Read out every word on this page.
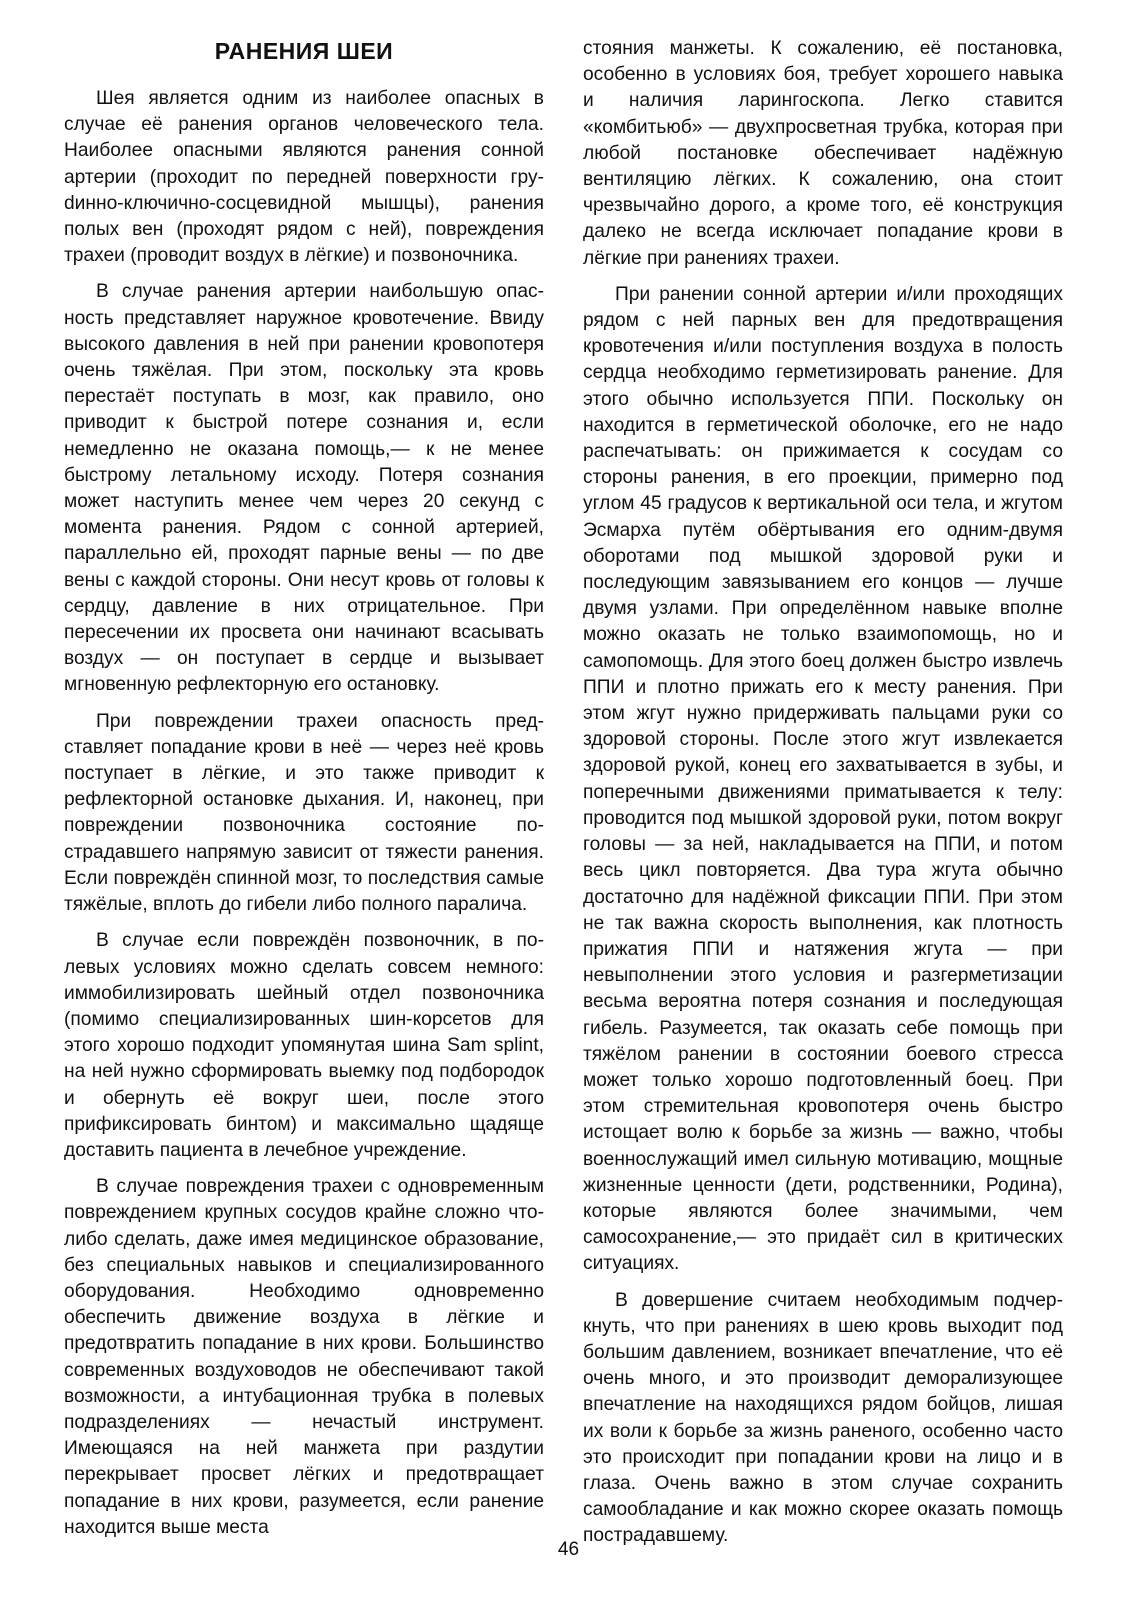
РАНЕНИЯ ШЕИ

Шея является одним из наиболее опасных в случае её ранения органов человеческого тела. Наиболее опасными являются ранения сонной артерии (проходит по передней поверхности груdинно-ключично-сосцевидной мышцы), ранения полых вен (проходят рядом с ней), повреждения трахеи (проводит воздух в лёгкие) и позвоночника.

В случае ранения артерии наибольшую опасность представляет наружное кровотечение. Ввиду высокого давления в ней при ранении кровопотеря очень тяжёлая. При этом, поскольку эта кровь перестаёт поступать в мозг, как правило, оно приводит к быстрой потере сознания и, если немедленно не оказана помощь,— к не менее быстрому летальному исходу. Потеря сознания может наступить менее чем через 20 секунд с момента ранения. Рядом с сонной артерией, параллельно ей, проходят парные вены — по две вены с каждой стороны. Они несут кровь от головы к сердцу, давление в них отрицательное. При пересечении их просвета они начинают всасывать воздух — он поступает в сердце и вызывает мгновенную рефлекторную его остановку.

При повреждении трахеи опасность представляет попадание крови в неё — через неё кровь поступает в лёгкие, и это также приводит к рефлекторной остановке дыхания. И, наконец, при повреждении позвоночника состояние пострадавшего напрямую зависит от тяжести ранения. Если повреждён спинной мозг, то последствия самые тяжёлые, вплоть до гибели либо полного паралича.

В случае если повреждён позвоночник, в полевых условиях можно сделать совсем немного: иммобилизировать шейный отдел позвоночника (помимо специализированных шин-корсетов для этого хорошо подходит упомянутая шина Sam splint, на ней нужно сформировать выемку под подбородок и обернуть её вокруг шеи, после этого прификсировать бинтом) и максимально щадяще доставить пациента в лечебное учреждение.

В случае повреждения трахеи с одновременным повреждением крупных сосудов крайне сложно что-либо сделать, даже имея медицинское образование, без специальных навыков и специализированного оборудования. Необходимо одновременно обеспечить движение воздуха в лёгкие и предотвратить попадание в них крови. Большинство современных воздуховодов не обеспечивают такой возможности, а интубационная трубка в полевых подразделениях — нечастый инструмент. Имеющаяся на ней манжета при раздутии перекрывает просвет лёгких и предотвращает попадание в них крови, разумеется, если ранение находится выше места

стояния манжеты. К сожалению, её постановка, особенно в условиях боя, требует хорошего навыка и наличия ларингоскопа. Легко ставится «комбитьюб» — двухпросветная трубка, которая при любой постановке обеспечивает надёжную вентиляцию лёгких. К сожалению, она стоит чрезвычайно дорого, а кроме того, её конструкция далеко не всегда исключает попадание крови в лёгкие при ранениях трахеи.

При ранении сонной артерии и/или проходящих рядом с ней парных вен для предотвращения кровотечения и/или поступления воздуха в полость сердца необходимо герметизировать ранение. Для этого обычно используется ППИ. Поскольку он находится в герметической оболочке, его не надо распечатывать: он прижимается к сосудам со стороны ранения, в его проекции, примерно под углом 45 градусов к вертикальной оси тела, и жгутом Эсмарха путём обёртывания его одним-двумя оборотами под мышкой здоровой руки и последующим завязыванием его концов — лучше двумя узлами. При определённом навыке вполне можно оказать не только взаимопомощь, но и самопомощь. Для этого боец должен быстро извлечь ППИ и плотно прижать его к месту ранения. При этом жгут нужно придерживать пальцами руки со здоровой стороны. После этого жгут извлекается здоровой рукой, конец его захватывается в зубы, и поперечными движениями приматывается к телу: проводится под мышкой здоровой руки, потом вокруг головы — за ней, накладывается на ППИ, и потом весь цикл повторяется. Два тура жгута обычно достаточно для надёжной фиксации ППИ. При этом не так важна скорость выполнения, как плотность прижатия ППИ и натяжения жгута — при невыполнении этого условия и разгерметизации весьма вероятна потеря сознания и последующая гибель. Разумеется, так оказать себе помощь при тяжёлом ранении в состоянии боевого стресса может только хорошо подготовленный боец. При этом стремительная кровопотеря очень быстро истощает волю к борьбе за жизнь — важно, чтобы военнослужащий имел сильную мотивацию, мощные жизненные ценности (дети, родственники, Родина), которые являются более значимыми, чем самосохранение,— это придаёт сил в критических ситуациях.

В довершение считаем необходимым подчеркнуть, что при ранениях в шею кровь выходит под большим давлением, возникает впечатление, что её очень много, и это производит деморализующее впечатление на находящихся рядом бойцов, лишая их воли к борьбе за жизнь раненого, особенно часто это происходит при попадании крови на лицо и в глаза. Очень важно в этом случае сохранить самообладание и как можно скорее оказать помощь пострадавшему.

46
